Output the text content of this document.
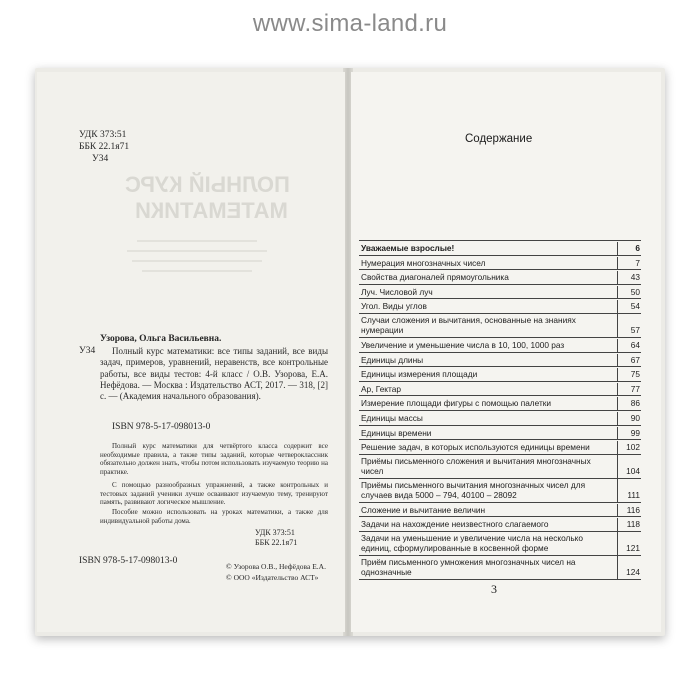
www.sima-land.ru
ПОЛНЫЙ КУРС
МАТЕМАТИКИ
УДК 373:51
ББК 22.1я71
У34
Узорова, Ольга Васильевна.
У34	Полный курс математики: все типы заданий, все виды задач, примеров, уравнений, неравенств, все контрольные работы, все виды тестов: 4-й класс / О.В. Узорова, Е.А. Нефёдова. — Москва : Издательство АСТ, 2017. — 318, [2] с. — (Академия начального образования).
ISBN 978-5-17-098013-0
Полный курс математики для четвёртого класса содержит все необходимые правила, а также типы заданий, которые четвероклассник обязательно должен знать, чтобы потом использовать изучаемую теорию на практике.
С помощью разнообразных упражнений, а также контрольных и тестовых заданий ученики лучше осваивают изучаемую тему, тренируют память, развивают логическое мышление.
Пособие можно использовать на уроках математики, а также для индивидуальной работы дома.
УДК 373:51
ББК 22.1я71
ISBN 978-5-17-098013-0
© Узорова О.В., Нефёдова Е.А.
© ООО «Издательство АСТ»
Содержание
Уважаемые взрослые!	6
Нумерация многозначных чисел	7
Свойства диагоналей прямоугольника	43
Луч. Числовой луч	50
Угол. Виды углов	54
Случаи сложения и вычитания, основанные на знаниях нумерации	57
Увеличение и уменьшение числа в 10, 100, 1000 раз	64
Единицы длины	67
Единицы измерения площади	75
Ар, Гектар	77
Измерение площади фигуры с помощью палетки	86
Единицы массы	90
Единицы времени	99
Решение задач, в которых используются единицы времени	102
Приёмы письменного сложения и вычитания многозначных чисел	104
Приёмы письменного вычитания многозначных чисел для случаев вида 5000 – 794, 40100 – 28092	111
Сложение и вычитание величин	116
Задачи на нахождение неизвестного слагаемого	118
Задачи на уменьшение и увеличение числа на несколько единиц, сформулированные в косвенной форме	121
Приём письменного умножения многозначных чисел на однозначные	124
3
